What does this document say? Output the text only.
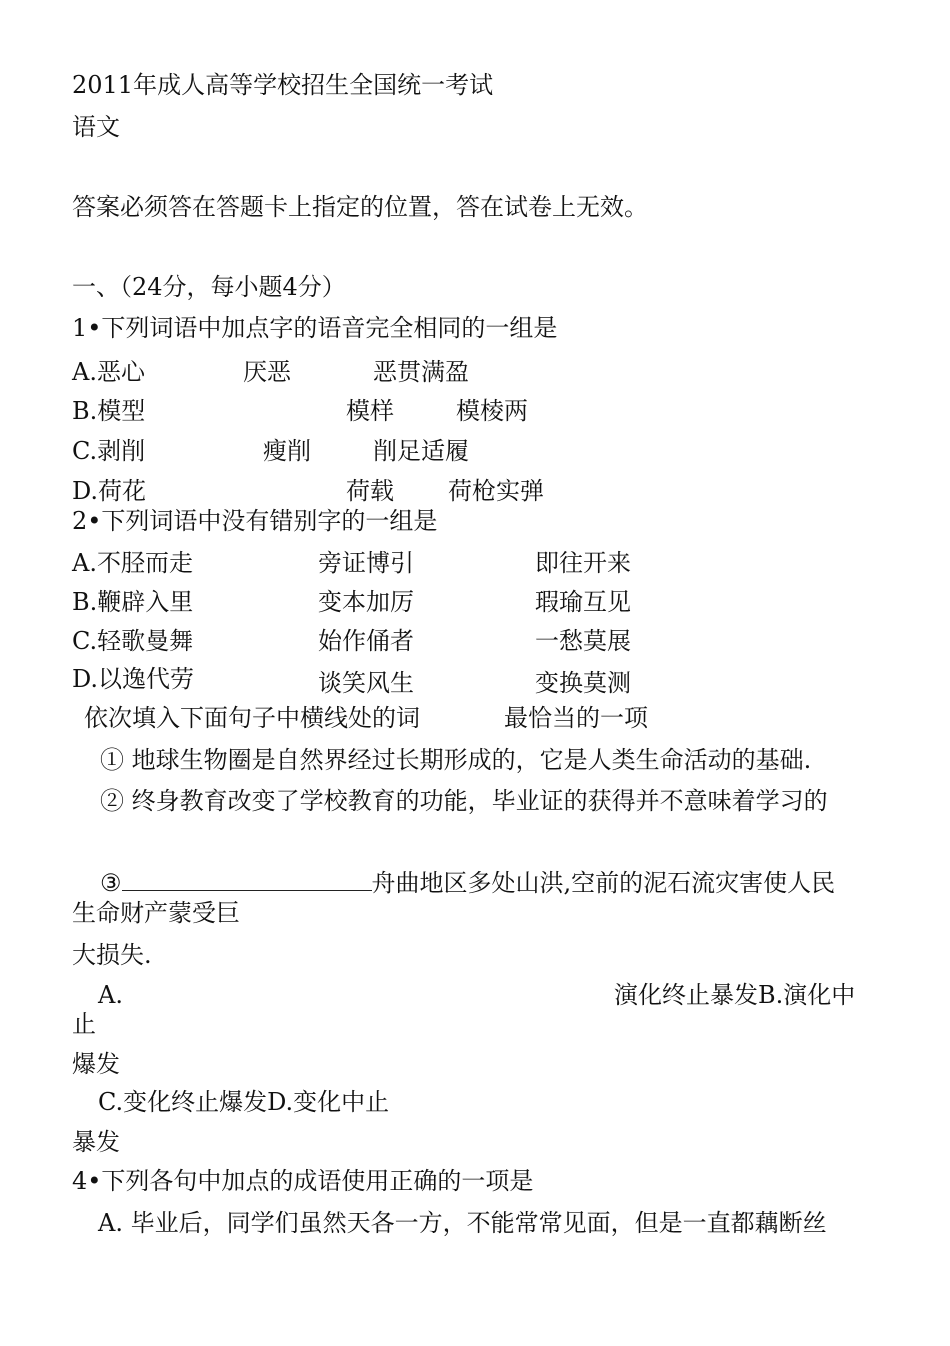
2011年成人高等学校招生全国统一考试
语文
答案必须答在答题卡上指定的位置，答在试卷上无效。
一、（24分，每小题4分）
1•下列词语中加点字的语音完全相同的一组是
A.恶心	厌恶	恶贯满盈
B.模型	模样	模棱两
C.剥削	瘦削	削足适履
D.荷花	荷载 荷枪实弹
2•下列词语中没有错别字的一组是
A.不胫而走	旁证博引	即往开来
B.鞭辟入里	变本加厉	瑕瑜互见
C.轻歌曼舞	始作俑者	一愁莫展
D.以逸代劳	谈笑风生	变换莫测
依次填入下面句子中横线处的词	最恰当的一项
① 地球生物圈是自然界经过长期形成的，它是人类生命活动的基础.
② 终身教育改变了学校教育的功能，毕业证的获得并不意味着学习的
③	舟曲地区多处山洪,空前的泥石流灾害使人民
生命财产蒙受巨
大损失.
A.	演化终止暴发B.演化中
止
爆发
C.变化终止爆发D.变化中止
暴发
4•下列各句中加点的成语使用正确的一项是
A. 毕业后，同学们虽然天各一方，不能常常见面，但是一直都藕断丝
